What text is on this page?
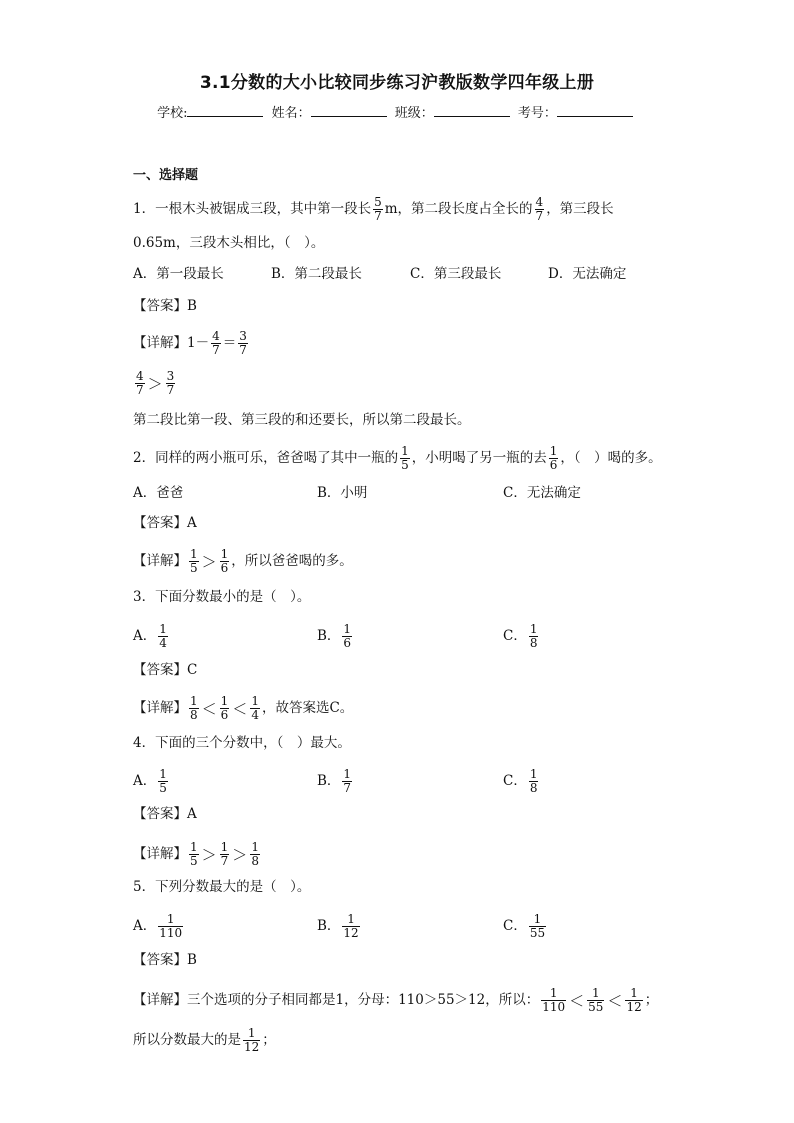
3.1分数的大小比较同步练习沪教版数学四年级上册
学校:	姓名：	班级：	考号：
一、选择题
1．一根木头被锯成三段，其中第一段长 $\frac{5}{7}$ m，第二段长度占全长的 $\frac{4}{7}$ ，第三段长
0.65m，三段木头相比，（　）。
A．第一段最长	B．第二段最长	C．第三段最长	D．无法确定
【答案】B
【详解】$1- \frac{4}{7} = \frac{3}{7}$
$\frac{4}{7} > \frac{3}{7}$
第二段比第一段、第三段的和还要长，所以第二段最长。
2．同样的两小瓶可乐，爸爸喝了其中一瓶的 $\frac{1}{5}$ ，小明喝了另一瓶的去 $\frac{1}{6}$ ，（　）喝的多。
A．爸爸	B．小明	C．无法确定
【答案】A
【详解】 $\frac{1}{5} > \frac{1}{6}$ ，所以爸爸喝的多。
3．下面分数最小的是（　）。
A． $\frac{1}{4}$	B． $\frac{1}{6}$	C． $\frac{1}{8}$
【答案】C
【详解】 $\frac{1}{8} < \frac{1}{6} < \frac{1}{4}$ ，故答案选C。
4．下面的三个分数中，（　）最大。
A． $\frac{1}{5}$	B． $\frac{1}{7}$	C． $\frac{1}{8}$
【答案】A
【详解】 $\frac{1}{5} > \frac{1}{7} > \frac{1}{8}$
5．下列分数最大的是（　）。
A． $\frac{1}{110}$	B． $\frac{1}{12}$	C． $\frac{1}{55}$
【答案】B
【详解】三个选项的分子相同都是1，分母：110＞55＞12，所以： $\frac{1}{110} < \frac{1}{55} < \frac{1}{12}$ ；
所以分数最大的是 $\frac{1}{12}$ ；
